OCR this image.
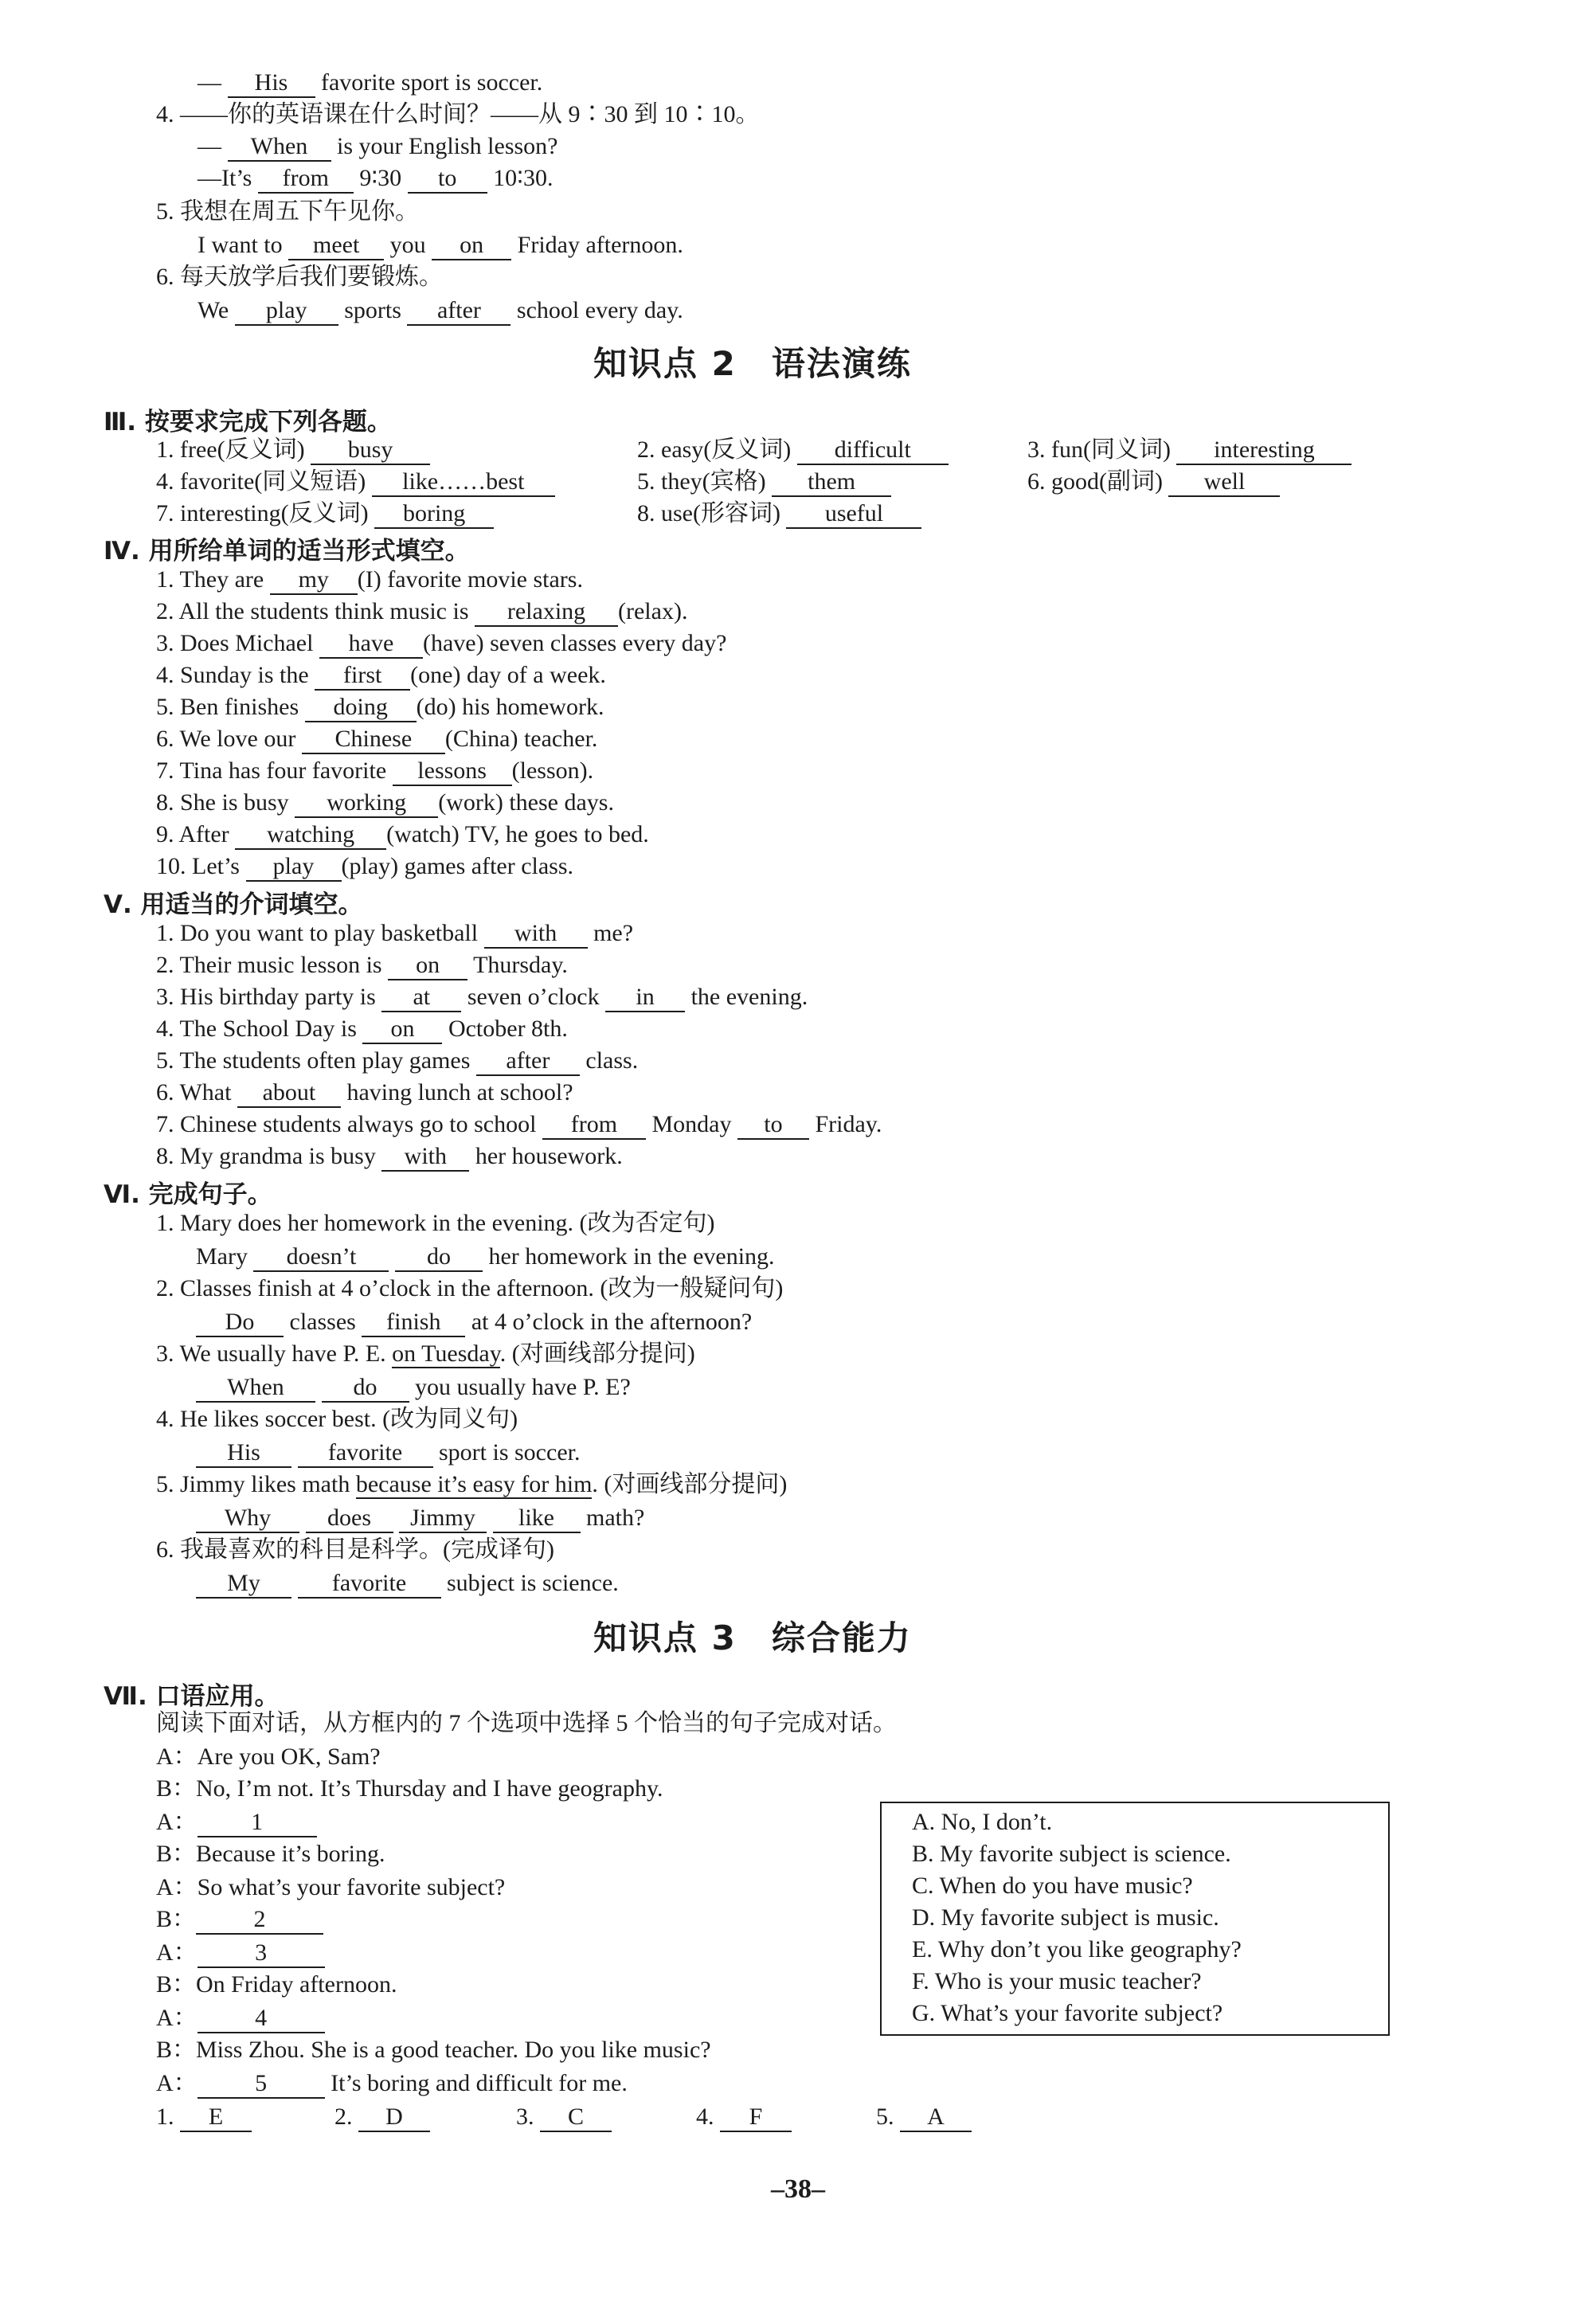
— His favorite sport is soccer.
4. ——你的英语课在什么时间？——从 9∶30 到 10∶10。
— When is your English lesson?
—It’s from 9∶30 to 10∶30.
5. 我想在周五下午见你。
I want to meet you on Friday afternoon.
6. 每天放学后我们要锻炼。
We play sports after school every day.
知识点 2　语法演练
Ⅲ. 按要求完成下列各题。
1. free(反义词) busy	2. easy(反义词) difficult	3. fun(同义词) interesting
4. favorite(同义短语) like……best	5. they(宾格) them	6. good(副词) well
7. interesting(反义词) boring	8. use(形容词) useful
Ⅳ. 用所给单词的适当形式填空。
1. They are my (I) favorite movie stars.
2. All the students think music is relaxing (relax).
3. Does Michael have (have) seven classes every day?
4. Sunday is the first (one) day of a week.
5. Ben finishes doing (do) his homework.
6. We love our Chinese (China) teacher.
7. Tina has four favorite lessons (lesson).
8. She is busy working (work) these days.
9. After watching (watch) TV, he goes to bed.
10. Let’s play (play) games after class.
Ⅴ. 用适当的介词填空。
1. Do you want to play basketball with me?
2. Their music lesson is on Thursday.
3. His birthday party is at seven o’clock in the evening.
4. The School Day is on October 8th.
5. The students often play games after class.
6. What about having lunch at school?
7. Chinese students always go to school from Monday to Friday.
8. My grandma is busy with her housework.
Ⅵ. 完成句子。
1. Mary does her homework in the evening. (改为否定句)
Mary doesn’t	do her homework in the evening.
2. Classes finish at 4 o’clock in the afternoon. (改为一般疑问句)
Do classes finish at 4 o’clock in the afternoon?
3. We usually have P. E. on Tuesday. (对画线部分提问)
When	do you usually have P. E?
4. He likes soccer best. (改为同义句)
His	favorite sport is soccer.
5. Jimmy likes math because it’s easy for him. (对画线部分提问)
Why does Jimmy like math?
6. 我最喜欢的科目是科学。(完成译句)
My	favorite subject is science.
知识点 3　综合能力
Ⅶ. 口语应用。
阅读下面对话，从方框内的 7 个选项中选择 5 个恰当的句子完成对话。
A：Are you OK, Sam?
B：No, I’m not. It’s Thursday and I have geography.
A： 1
B：Because it’s boring.
A：So what’s your favorite subject?
B： 2
A： 3
B：On Friday afternoon.
A： 4
B：Miss Zhou. She is a good teacher. Do you like music?
A： 5	It’s boring and difficult for me.
A. No, I don’t.
B. My favorite subject is science.
C. When do you have music?
D. My favorite subject is music.
E. Why don’t you like geography?
F. Who is your music teacher?
G. What’s your favorite subject?
1. E	2. D	3. C	4. F	5. A
–38–
